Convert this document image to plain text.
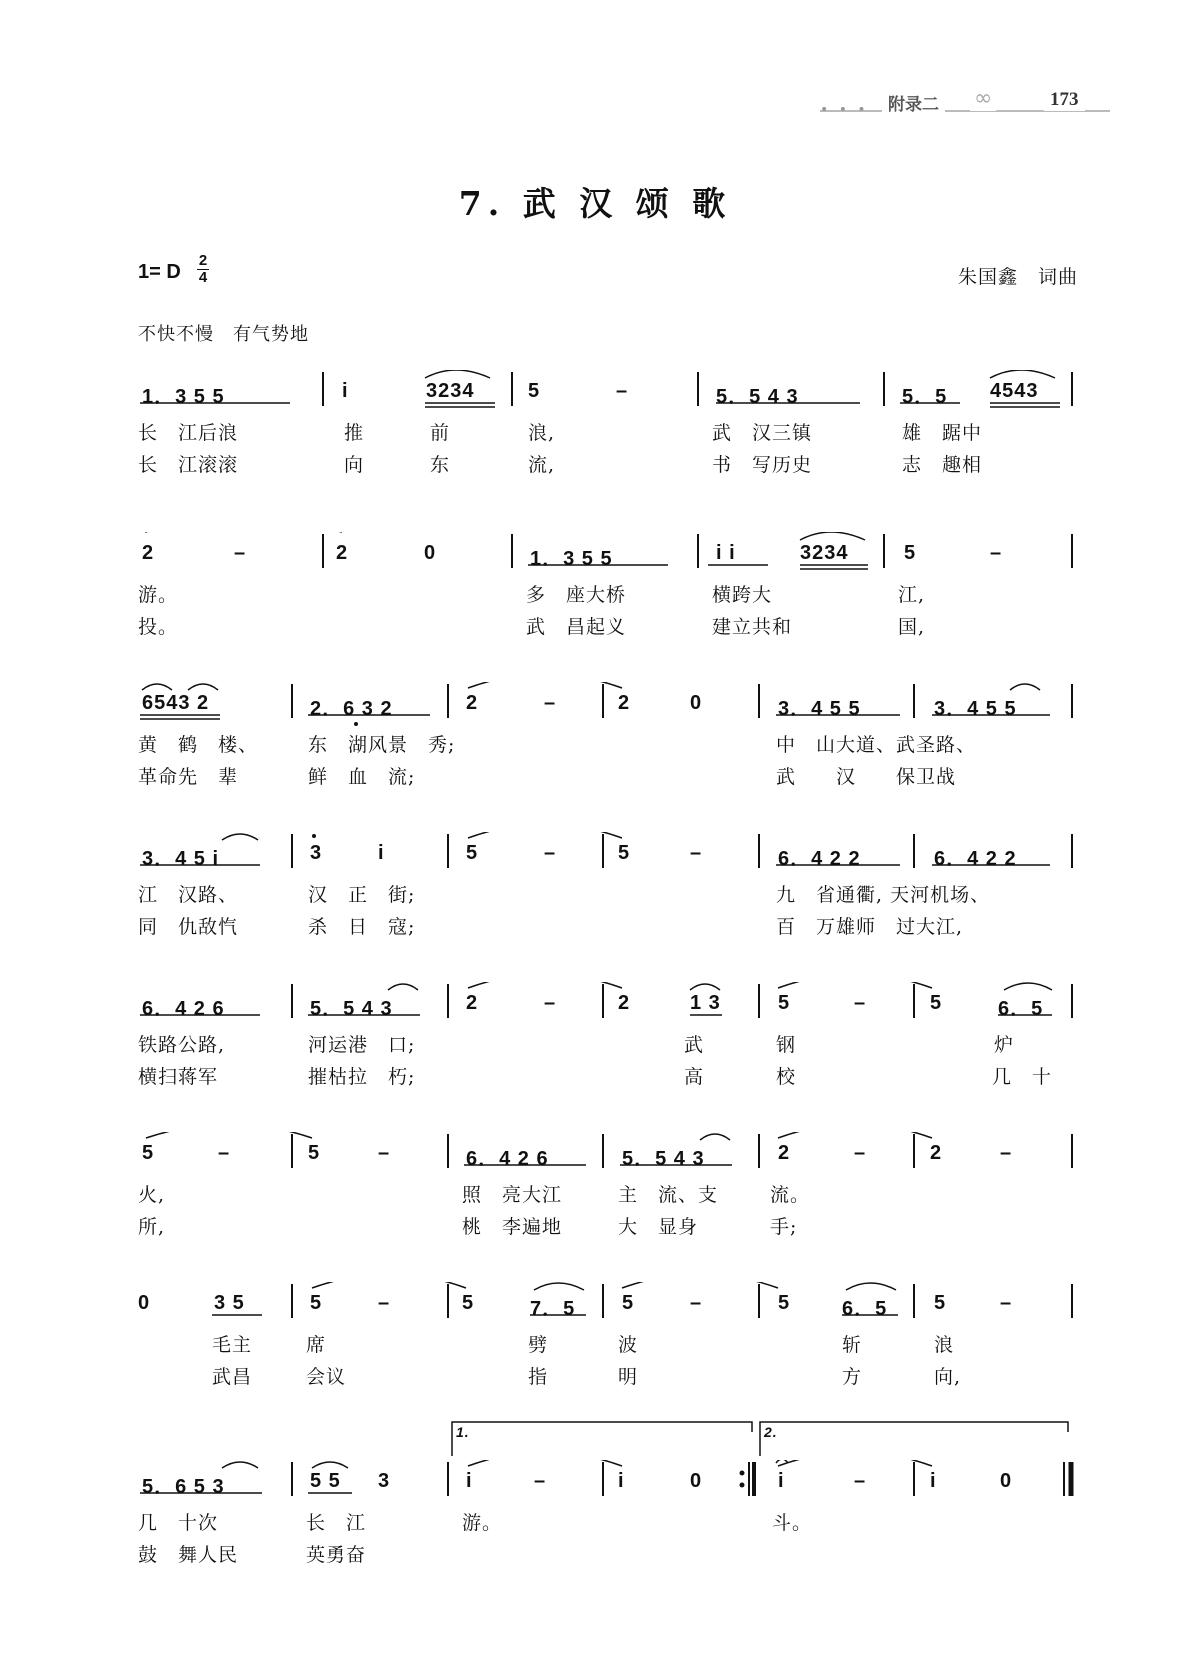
• • •	附录二 ∞	173
7. 武 汉 颂 歌
1= D
2
4	朱国鑫　词曲
不快不慢　有气势地
1．3 5 5	i	3234	5	–	5．5 4 3	5．5 4543
长　江后浪	推	前	浪,	武　汉三镇	雄　踞中
长　江滚滚	向	东	流,	书　写历史	志　趣相
2	–	2	0	1．3 5 5	i i	3234	5	–
游。	多　座大桥	横跨大	江,
投。	武　昌起义	建立共和	国,
6543 2	2．6 3 2	2	–	2	0	3．4 5 5	3．4 5 5
黄　鹤　楼、	东　湖风景　秀;	中　山大道、武圣路、
革命先　辈	鲜　血　流;	武　　汉　　保卫战
3．4 5 i	3	i	5	–	5	–	6．4 2 2	6．4 2 2
江　汉路、	汉　正　街;	九　省通衢, 天河机场、
同　仇敌忾	杀　日　寇;	百　万雄师　过大江,
6．4 2 6	5．5 4 3	2	–	2	1 3	5	–	5	6．5
铁路公路,	河运港　口;	武	钢	炉
横扫蒋军	摧枯拉　朽;	高	校	几　十
5	–	5	–	6．4 2 6	5．5 4 3	2	–	2	–
火,	照　亮大江	主　流、支	流。
所,	桃　李遍地	大　显身	手;
0	3 5	5	–	5	7．5 5	–	5	6．5 5	–
毛主	席	劈	波	斩	浪
武昌	会议	指	明	方	向,
1.	2.
5．6 5 3	5 5 3	i	–	i	0	i	–	i	0
几　十次	长　江	游。	斗。
鼓　舞人民	英勇奋
